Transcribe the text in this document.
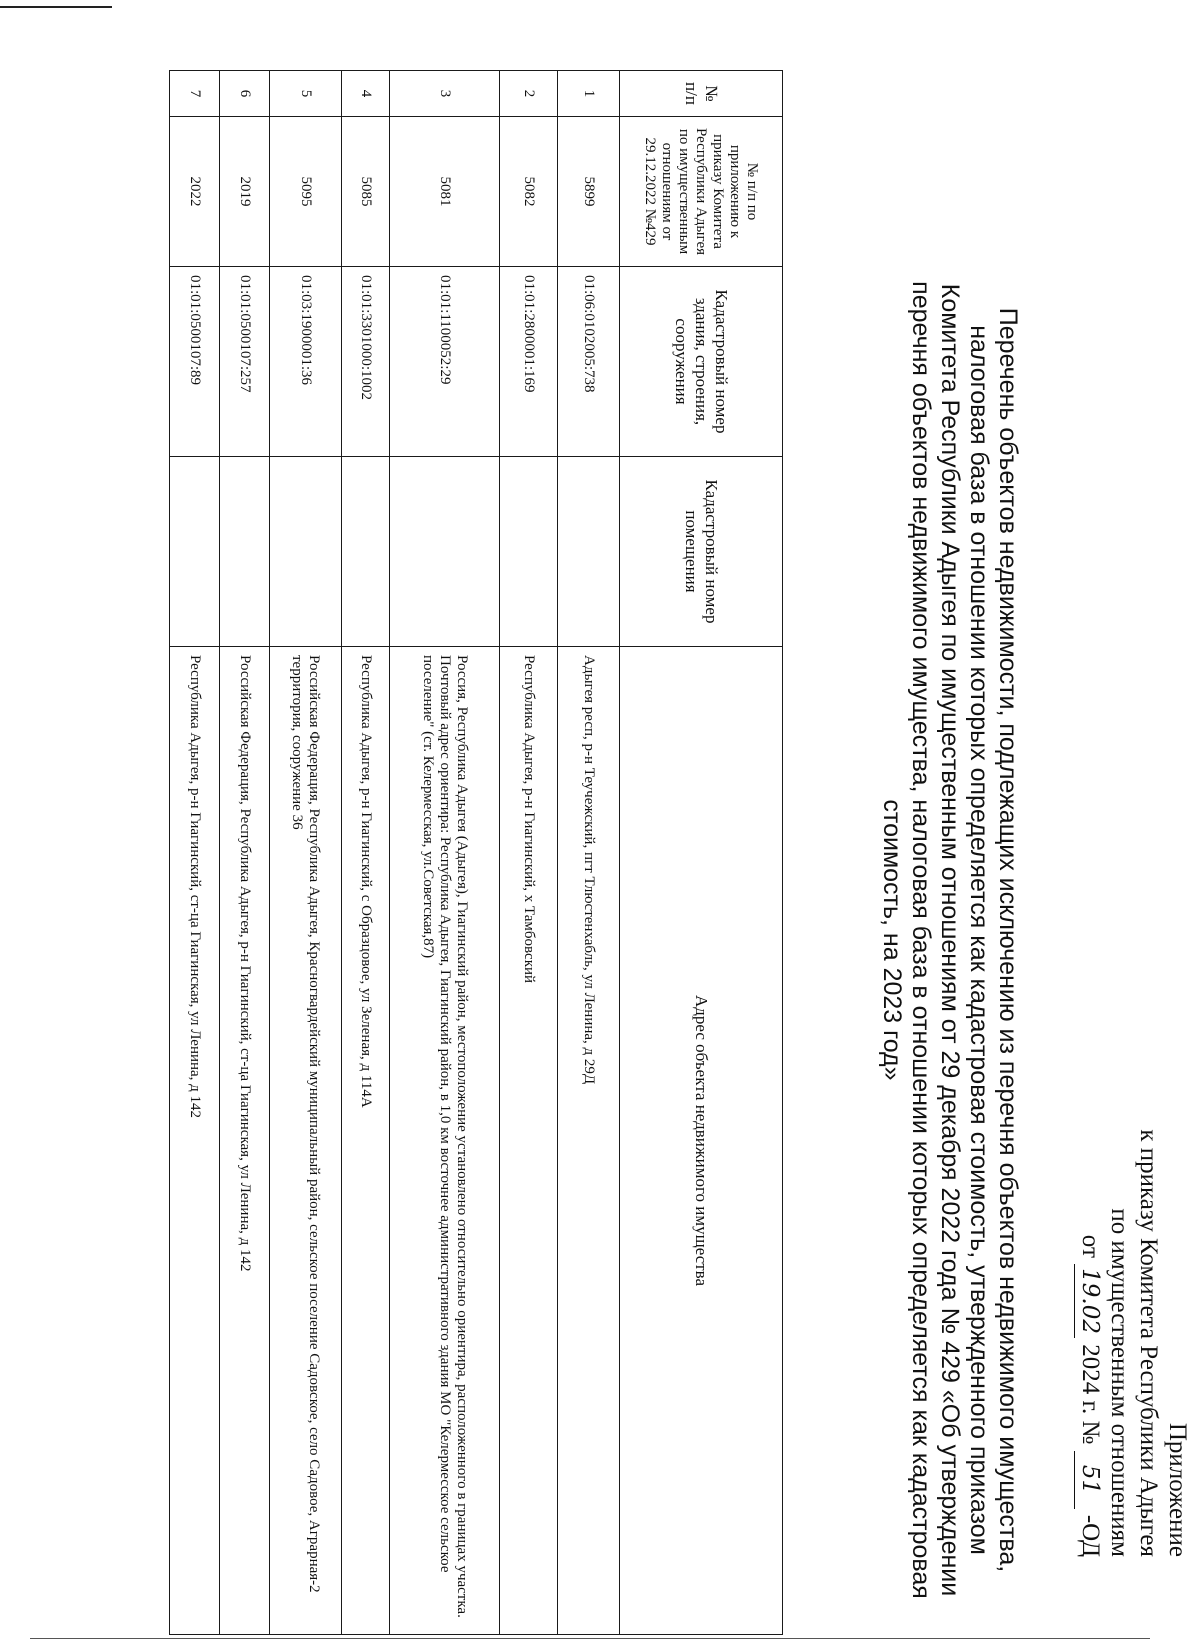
Приложение
к приказу Комитета Республики Адыгея
по имущественным отношениям
от 19.02 2024 г. № 51 -ОД
Перечень объектов недвижимости, подлежащих исключению из перечня объектов недвижимого имущества, налоговая база в отношении которых определяется как кадастровая стоимость, утвержденного приказом Комитета Республики Адыгея по имущественным отношениям от 29 декабря 2022 года № 429 «Об утверждении перечня объектов недвижимого имущества, налоговая база в отношении которых определяется как кадастровая стоимость, на 2023 год»
№ п/п	№ п/п по приложению к приказу Комитета Республики Адыгея по имущественным отношениям от 29.12.2022 №429	Кадастровый номер здания, строения, сооружения	Кадастровый номер помещения	Адрес объекта недвижимого имущества
1	5899	01:06:0102005:738		Адыгея респ, р-н Теучежский, пгт Тлюстенхабль, ул Ленина, д 29Д
2	5082	01:01:2800001:169		Республика Адыгея, р-н Гиагинский, х Тамбовский
3	5081	01:01:1100052:29		Россия, Республика Адыгея (Адыгея), Гиагинский район, местоположение установлено относительно ориентира, расположенного в границах участка. Почтовый адрес ориентира: Республика Адыгея, Гиагинский район, в 1,0 км восточнее административного здания МО "Келермесское сельское поселение" (ст. Келермесская, ул.Советская,87)
4	5085	01:01:3301000:1002		Республика Адыгея, р-н Гиагинский, с Образцовое, ул Зеленая, д 114А
5	5095	01:03:1900001:36		Российская Федерация, Республика Адыгея, Красногвардейский муниципальный район, сельское поселение Садовское, село Садовое, Аграрная-2 территория, сооружение 36
6	2019	01:01:0500107:257		Российская Федерация, Республика Адыгея, р-н Гиагинский, ст-ца Гиагинская, ул Ленина, д 142
7	2022	01:01:0500107:89		Республика Адыгея, р-н Гиагинский, ст-ца Гиагинская, ул Ленина, д 142
